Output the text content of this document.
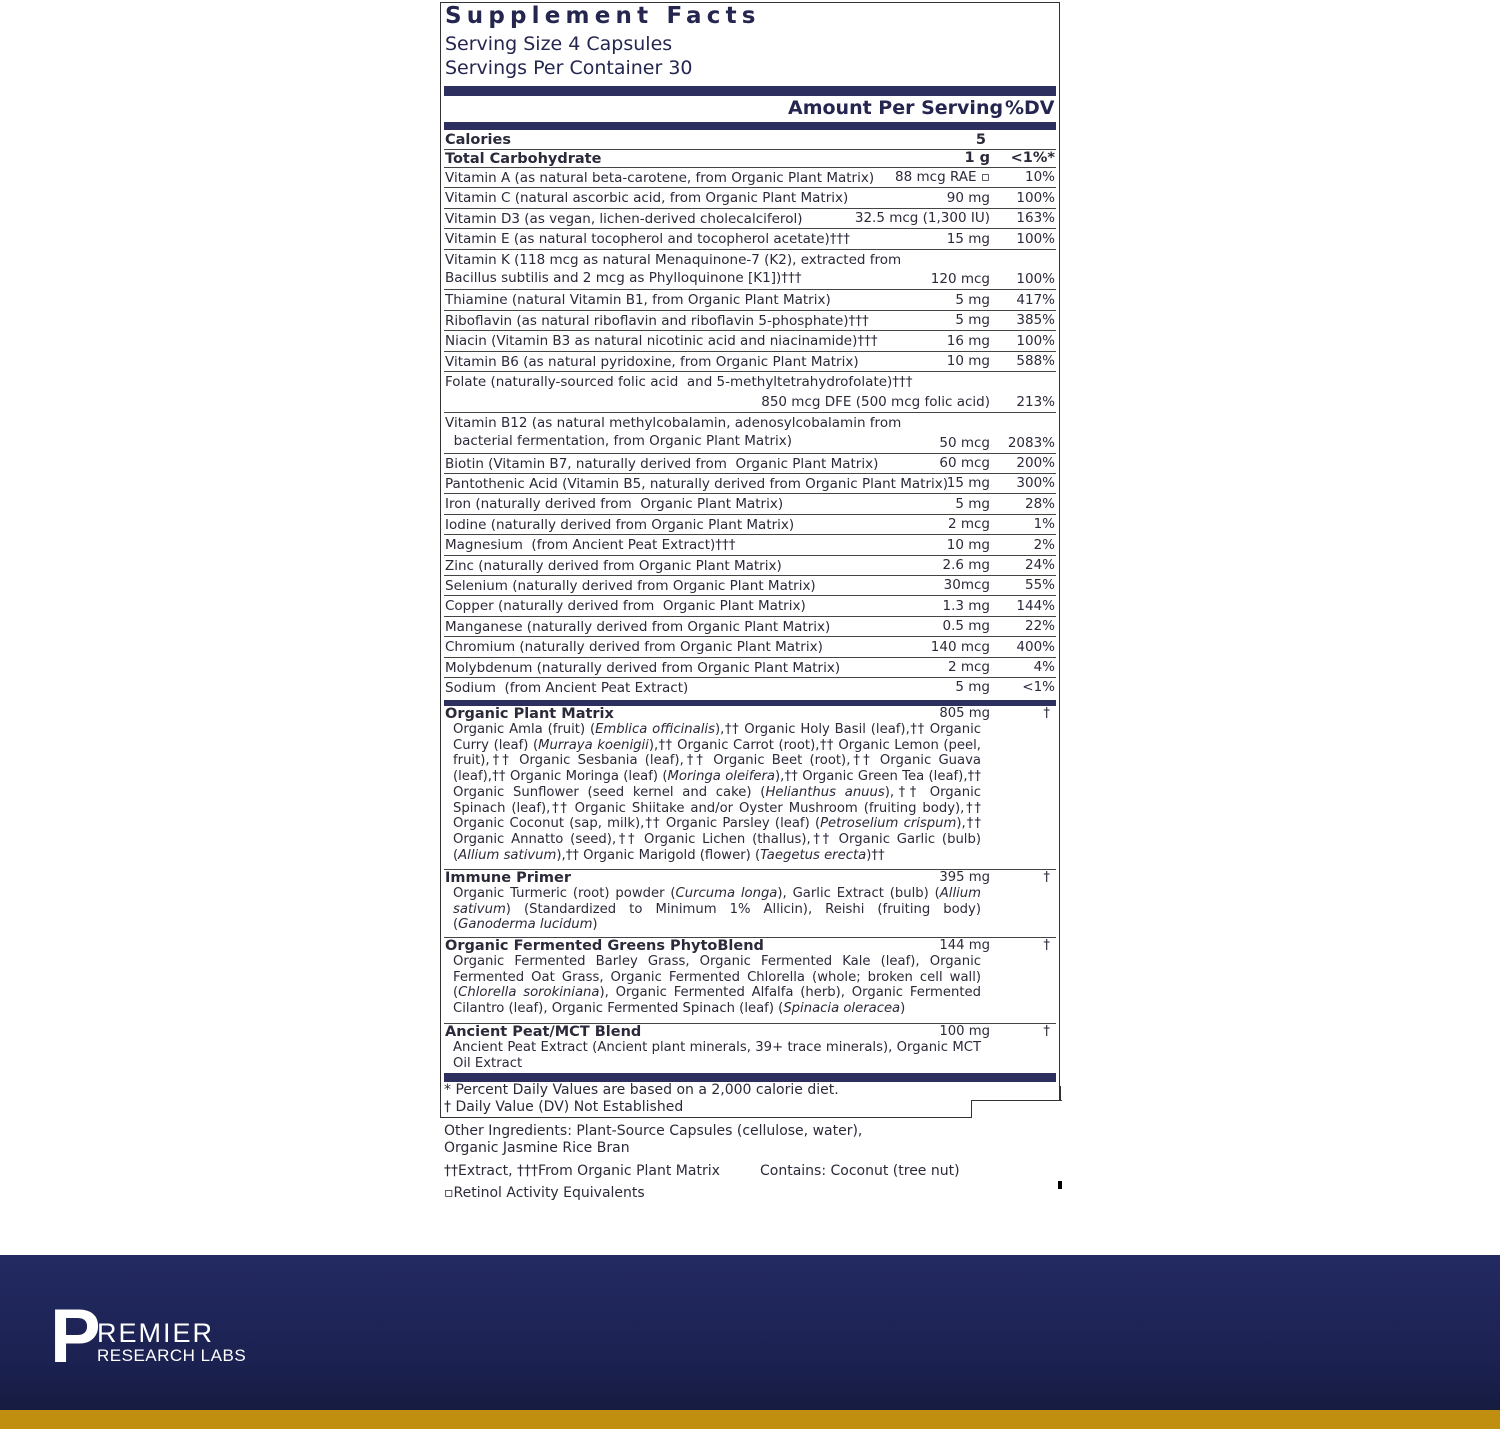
Supplement Facts
Serving Size 4 Capsules
Servings Per Container 30
Amount Per Serving %DV
Calories	5
Total Carbohydrate	1 g <1%*
Vitamin A (as natural beta-carotene, from Organic Plant Matrix) 88 mcg RAE ▫	10%
Vitamin C (natural ascorbic acid, from Organic Plant Matrix)	90 mg 100%
Vitamin D3 (as vegan, lichen-derived cholecalciferol)	32.5 mcg (1,300 IU) 163%
Vitamin E (as natural tocopherol and tocopherol acetate)†††	15 mg 100%
Vitamin K (118 mcg as natural Menaquinone-7 (K2), extracted from
Bacillus subtilis and 2 mcg as Phylloquinone [K1])†††	120 mcg 100%
Thiamine (natural Vitamin B1, from Organic Plant Matrix)	5 mg 417%
Riboflavin (as natural riboflavin and riboflavin 5-phosphate)†††	5 mg 385%
Niacin (Vitamin B3 as natural nicotinic acid and niacinamide)†††	16 mg 100%
Vitamin B6 (as natural pyridoxine, from Organic Plant Matrix)	10 mg 588%
Folate (naturally-sourced folic acid  and 5-methyltetrahydrofolate)†††
850 mcg DFE (500 mcg folic acid) 213%
Vitamin B12 (as natural methylcobalamin, adenosylcobalamin from
bacterial fermentation, from Organic Plant Matrix)	50 mcg 2083%
Biotin (Vitamin B7, naturally derived from  Organic Plant Matrix)	60 mcg 200%
Pantothenic Acid (Vitamin B5, naturally derived from Organic Plant Matrix)
15 mg 300%
Iron (naturally derived from  Organic Plant Matrix)	5 mg	28%
Iodine (naturally derived from Organic Plant Matrix)	2 mcg	1%
Magnesium  (from Ancient Peat Extract)†††	10 mg	2%
Zinc (naturally derived from Organic Plant Matrix)	2.6 mg	24%
Selenium (naturally derived from Organic Plant Matrix)	30mcg	55%
Copper (naturally derived from  Organic Plant Matrix)	1.3 mg 144%
Manganese (naturally derived from Organic Plant Matrix)	0.5 mg	22%
Chromium (naturally derived from Organic Plant Matrix)	140 mcg 400%
Molybdenum (naturally derived from Organic Plant Matrix)	2 mcg	4%
Sodium  (from Ancient Peat Extract)	5 mg <1%
Organic Plant Matrix	805 mg	†
Organic Amla (fruit) (Emblica officinalis),†† Organic Holy Basil (leaf),†† Organic Curry (leaf) (Murraya koenigii),†† Organic Carrot (root),†† Organic Lemon (peel, fruit),†† Organic Sesbania (leaf),†† Organic Beet (root),†† Organic Guava (leaf),†† Organic Moringa (leaf) (Moringa oleifera),†† Organic Green Tea (leaf),†† Organic Sunflower (seed kernel and cake) (Helianthus anuus),†† Organic Spinach (leaf),†† Organic Shiitake and/or Oyster Mushroom (fruiting body),†† Organic Coconut (sap, milk),†† Organic Parsley (leaf) (Petroselium crispum),†† Organic Annatto (seed),†† Organic Lichen (thallus),†† Organic Garlic (bulb) (Allium sativum),†† Organic Marigold (flower) (Taegetus erecta)††
Immune Primer	395 mg	†
Organic Turmeric (root) powder (Curcuma longa), Garlic Extract (bulb) (Allium sativum) (Standardized to Minimum 1% Allicin), Reishi (fruiting body) (Ganoderma lucidum)
Organic Fermented Greens PhytoBlend	144 mg	†
Organic Fermented Barley Grass, Organic Fermented Kale (leaf), Organic Fermented Oat Grass, Organic Fermented Chlorella (whole; broken cell wall) (Chlorella sorokiniana), Organic Fermented Alfalfa (herb), Organic Fermented Cilantro (leaf), Organic Fermented Spinach (leaf) (Spinacia oleracea)
Ancient Peat/MCT Blend	100 mg	†
Ancient Peat Extract (Ancient plant minerals, 39+ trace minerals), Organic MCT Oil Extract
* Percent Daily Values are based on a 2,000 calorie diet.
† Daily Value (DV) Not Established
Other Ingredients: Plant-Source Capsules (cellulose, water),
Organic Jasmine Rice Bran
††Extract, †††From Organic Plant Matrix	Contains: Coconut (tree nut)
▫Retinol Activity Equivalents
P
REMIER
RESEARCH LABS
